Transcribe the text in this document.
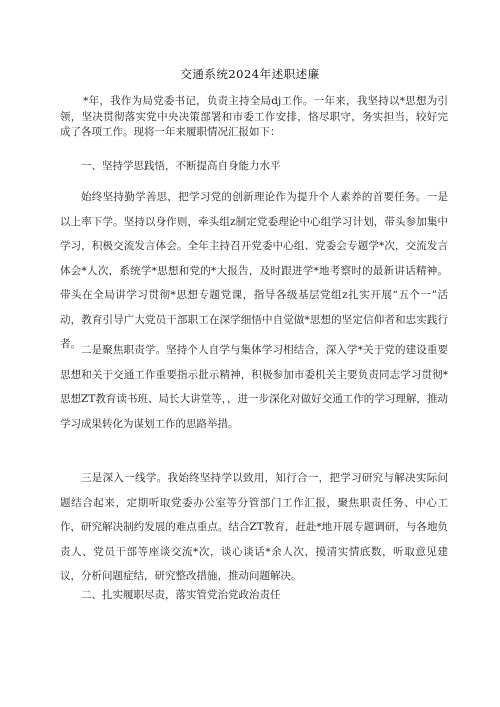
交通系统2024年述职述廉
*年，我作为局党委书记，负责主持全局dj工作。一年来，我坚持以*思想为引领，坚决贯彻落实党中央决策部署和市委工作安排，恪尽职守，务实担当，较好完成了各项工作。现将一年来履职情况汇报如下：
一、坚持学思践悟，不断提高自身能力水平
始终坚持勤学善思，把学习党的创新理论作为提升个人素养的首要任务。一是以上率下学。坚持以身作则，牵头组z制定党委理论中心组学习计划，带头参加集中学习，积极交流发言体会。全年主持召开党委中心组、党委会专题学*次，交流发言体会*人次，系统学*思想和党的*大报告，及时跟进学*地考察时的最新讲话精神。带头在全局讲学习贯彻*思想专题党课，指导各级基层党组z扎实开展“五个一”活动，教育引导广大党员干部职工在深学细悟中自觉做*思想的坚定信仰者和忠实践行者。 二是聚焦职责学。坚持个人自学与集体学习相结合，深入学*关于党的建设重要思想和关于交通工作重要指示批示精神，积极参加市委机关主要负责同志学习贯彻*思想ZT教育读书班、局长大讲堂等，，进一步深化对做好交通工作的学习理解，推动学习成果转化为谋划工作的思路举措。
三是深入一线学。我始终坚持学以致用，知行合一，把学习研究与解决实际问题结合起来，定期听取党委办公室等分管部门工作汇报，聚焦职责任务、中心工作，研究解决制约发展的难点重点。结合ZT教育，赶赴*地开展专题调研，与各地负责人、党员干部等座谈交流*次，谈心谈话*余人次，摸清实情底数，听取意见建议，分析问题症结，研究整改措施，推动问题解决。
二、扎实履职尽责，落实管党治党政治责任
